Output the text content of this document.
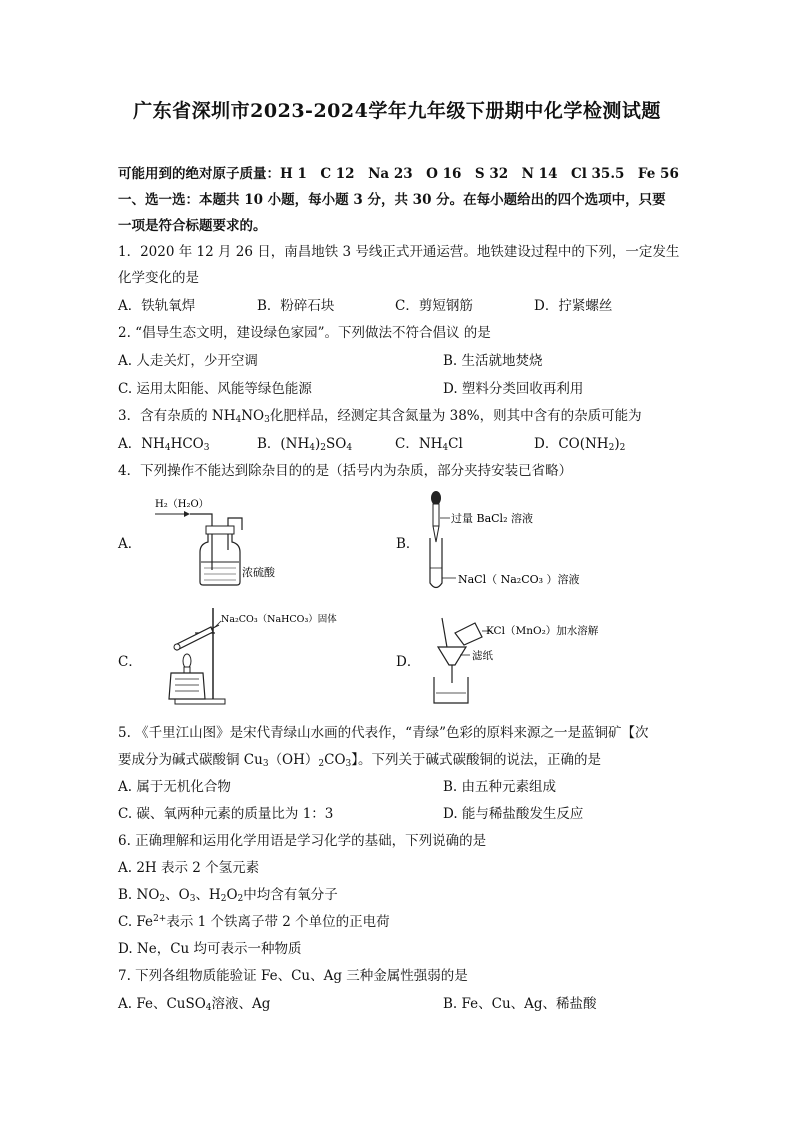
广东省深圳市2023-2024学年九年级下册期中化学检测试题
可能用到的绝对原子质量：H 1　C 12　Na 23　O 16　S 32　N 14　Cl 35.5　Fe 56
一、选一选：本题共 10 小题，每小题 3 分，共 30 分。在每小题给出的四个选项中，只要
一项是符合标题要求的。
1．2020 年 12 月 26 日，南昌地铁 3 号线正式开通运营。地铁建设过程中的下列，一定发生
化学变化的是
A．铁轨氧焊	B．粉碎石块	C．剪短钢筋	D．拧紧螺丝
2. “倡导生态文明，建设绿色家园”。下列做法不符合倡议 的是
A. 人走关灯，少开空调	B. 生活就地焚烧
C. 运用太阳能、风能等绿色能源	D. 塑料分类回收再利用
3．含有杂质的 $NH_4NO_3$化肥样品，经测定其含氮量为 38%，则其中含有的杂质可能为
A．$NH_4HCO_3$	B．$(NH_4)_2SO_4$	C．$NH_4Cl$	D．$CO(NH_2)_2$
4．下列操作不能达到除杂目的的是（括号内为杂质，部分夹持安装已省略）
A．	B．
C．	D．
H₂（H₂O）
浓硫酸
过量 BaCl₂ 溶液
NaCl（ Na₂CO₃ ）溶液
Na₂CO₃（NaHCO₃）固体
KCl（MnO₂）加水溶解
滤纸
5. 《千里江山图》是宋代青绿山水画的代表作，“青绿”色彩的原料来源之一是蓝铜矿【次
要成分为碱式碳酸铜 $Cu_3(OH)_2CO_3$】。下列关于碱式碳酸铜的说法，正确的是
A. 属于无机化合物	B. 由五种元素组成
C. 碳、氧两种元素的质量比为 1：3	D. 能与稀盐酸发生反应
6. 正确理解和运用化学用语是学习化学的基础，下列说确的是
A. 2H 表示 2 个氢元素
B. $NO_2$、$O_3$、$H_2O_2$中均含有氧分子
C. $Fe^{2+}$表示 1 个铁离子带 2 个单位的正电荷
D. Ne，Cu 均可表示一种物质
7. 下列各组物质能验证 Fe、Cu、Ag 三种金属性强弱的是
A. Fe、CuSO$_4$溶液、Ag	B. Fe、Cu、Ag、稀盐酸
